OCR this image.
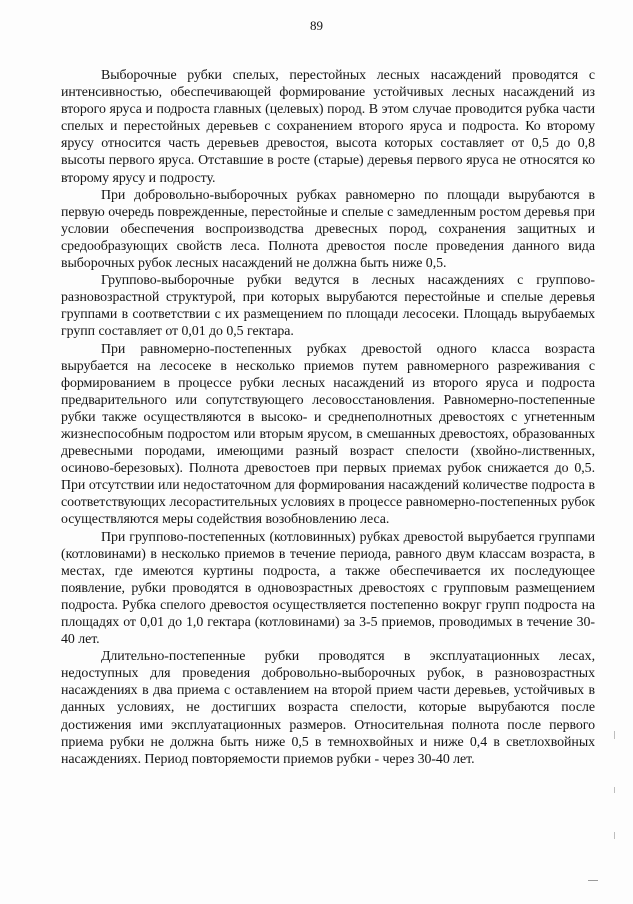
89

Выборочные рубки спелых, перестойных лесных насаждений проводятся с интенсивностью, обеспечивающей формирование устойчивых лесных насаждений из второго яруса и подроста главных (целевых) пород. В этом случае проводится рубка части спелых и перестойных деревьев с сохранением второго яруса и подроста. Ко второму ярусу относится часть деревьев древостоя, высота которых составляет от 0,5 до 0,8 высоты первого яруса. Отставшие в росте (старые) деревья первого яруса не относятся ко второму ярусу и подросту.

При добровольно-выборочных рубках равномерно по площади вырубаются в первую очередь поврежденные, перестойные и спелые с замедленным ростом деревья при условии обеспечения воспроизводства древесных пород, сохранения защитных и средообразующих свойств леса. Полнота древостоя после проведения данного вида выборочных рубок лесных насаждений не должна быть ниже 0,5.

Группово-выборочные рубки ведутся в лесных насаждениях с группово-разновозрастной структурой, при которых вырубаются перестойные и спелые деревья группами в соответствии с их размещением по площади лесосеки. Площадь вырубаемых групп составляет от 0,01 до 0,5 гектара.

При равномерно-постепенных рубках древостой одного класса возраста вырубается на лесосеке в несколько приемов путем равномерного разреживания с формированием в процессе рубки лесных насаждений из второго яруса и подроста предварительного или сопутствующего лесовосстановления. Равномерно-постепенные рубки также осуществляются в высоко- и среднеполнотных древостоях с угнетенным жизнеспособным подростом или вторым ярусом, в смешанных древостоях, образованных древесными породами, имеющими разный возраст спелости (хвойно-лиственных, осиново-березовых). Полнота древостоев при первых приемах рубок снижается до 0,5. При отсутствии или недостаточном для формирования насаждений количестве подроста в соответствующих лесорастительных условиях в процессе равномерно-постепенных рубок осуществляются меры содействия возобновлению леса.

При группово-постепенных (котловинных) рубках древостой вырубается группами (котловинами) в несколько приемов в течение периода, равного двум классам возраста, в местах, где имеются куртины подроста, а также обеспечивается их последующее появление, рубки проводятся в одновозрастных древостоях с групповым размещением подроста. Рубка спелого древостоя осуществляется постепенно вокруг групп подроста на площадях от 0,01 до 1,0 гектара (котловинами) за 3-5 приемов, проводимых в течение 30-40 лет.

Длительно-постепенные рубки проводятся в эксплуатационных лесах, недоступных для проведения добровольно-выборочных рубок, в разновозрастных насаждениях в два приема с оставлением на второй прием части деревьев, устойчивых в данных условиях, не достигших возраста спелости, которые вырубаются после достижения ими эксплуатационных размеров. Относительная полнота после первого приема рубки не должна быть ниже 0,5 в темнохвойных и ниже 0,4 в светлохвойных насаждениях. Период повторяемости приемов рубки - через 30-40 лет.
